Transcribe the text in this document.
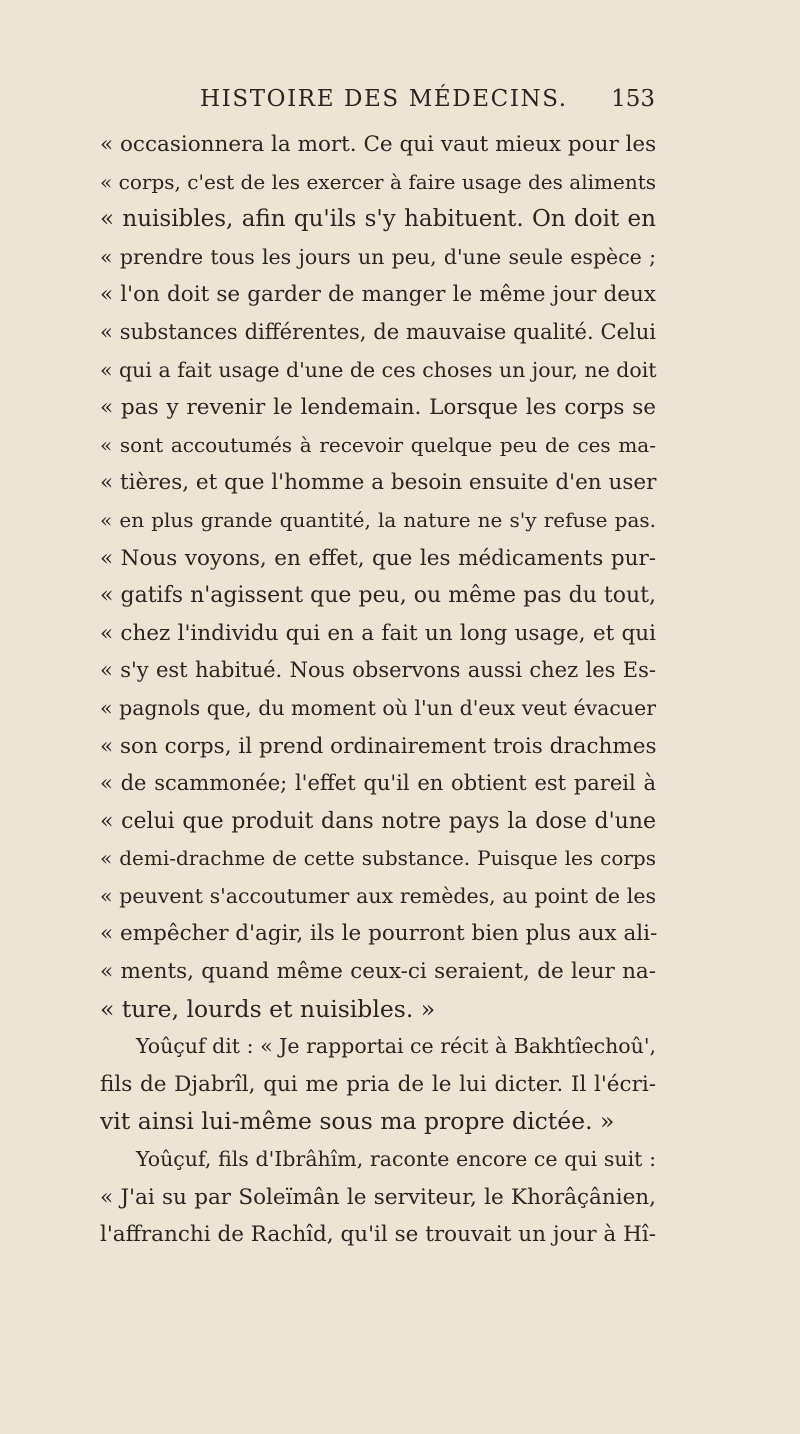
HISTOIRE DES MÉDECINS. 153
« occasionnera la mort. Ce qui vaut mieux pour les
« corps, c'est de les exercer à faire usage des aliments
« nuisibles, afin qu'ils s'y habituent. On doit en
« prendre tous les jours un peu, d'une seule espèce ;
« l'on doit se garder de manger le même jour deux
« substances différentes, de mauvaise qualité. Celui
« qui a fait usage d'une de ces choses un jour, ne doit
« pas y revenir le lendemain. Lorsque les corps se
« sont accoutumés à recevoir quelque peu de ces ma-
« tières, et que l'homme a besoin ensuite d'en user
« en plus grande quantité, la nature ne s'y refuse pas.
« Nous voyons, en effet, que les médicaments pur-
« gatifs n'agissent que peu, ou même pas du tout,
« chez l'individu qui en a fait un long usage, et qui
« s'y est habitué. Nous observons aussi chez les Es-
« pagnols que, du moment où l'un d'eux veut évacuer
« son corps, il prend ordinairement trois drachmes
« de scammonée; l'effet qu'il en obtient est pareil à
« celui que produit dans notre pays la dose d'une
« demi-drachme de cette substance. Puisque les corps
« peuvent s'accoutumer aux remèdes, au point de les
« empêcher d'agir, ils le pourront bien plus aux ali-
« ments, quand même ceux-ci seraient, de leur na-
« ture, lourds et nuisibles. »
Yoûçuf dit : « Je rapportai ce récit à Bakhtîechoû',
fils de Djabrîl, qui me pria de le lui dicter. Il l'écri-
vit ainsi lui-même sous ma propre dictée. »
Yoûçuf, fils d'Ibrâhîm, raconte encore ce qui suit :
« J'ai su par Soleïmân le serviteur, le Khorâçânien,
l'affranchi de Rachîd, qu'il se trouvait un jour à Hî-
